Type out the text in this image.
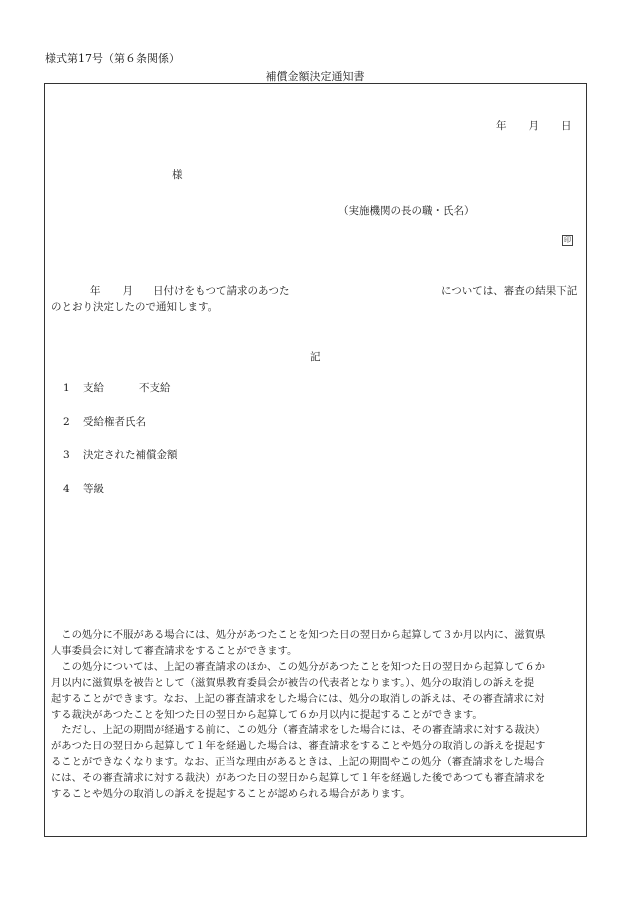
様式第17号（第６条関係）
補償金額決定通知書
年 月 日
様
（実施機関の長の職・氏名）
印
年 月 日付けをもつて請求のあつた	については、審査の結果下記
のとおり決定したので通知します。
記
1 支給	不支給
2 受給権者氏名
3 決定された補償金額
4 等級

この処分に不服がある場合には、処分があつたことを知つた日の翌日から起算して３か月以内に、滋賀県

人事委員会に対して審査請求をすることができます。

この処分については、上記の審査請求のほか、この処分があつたことを知つた日の翌日から起算して６か

月以内に滋賀県を被告として（滋賀県教育委員会が被告の代表者となります。）、処分の取消しの訴えを提

起することができます。なお、上記の審査請求をした場合には、処分の取消しの訴えは、その審査請求に対

する裁決があつたことを知つた日の翌日から起算して６か月以内に提起することができます。

ただし、上記の期間が経過する前に、この処分（審査請求をした場合には、その審査請求に対する裁決）

があつた日の翌日から起算して１年を経過した場合は、審査請求をすることや処分の取消しの訴えを提起す

ることができなくなります。なお、正当な理由があるときは、上記の期間やこの処分（審査請求をした場合

には、その審査請求に対する裁決）があつた日の翌日から起算して１年を経過した後であつても審査請求を

することや処分の取消しの訴えを提起することが認められる場合があります。
